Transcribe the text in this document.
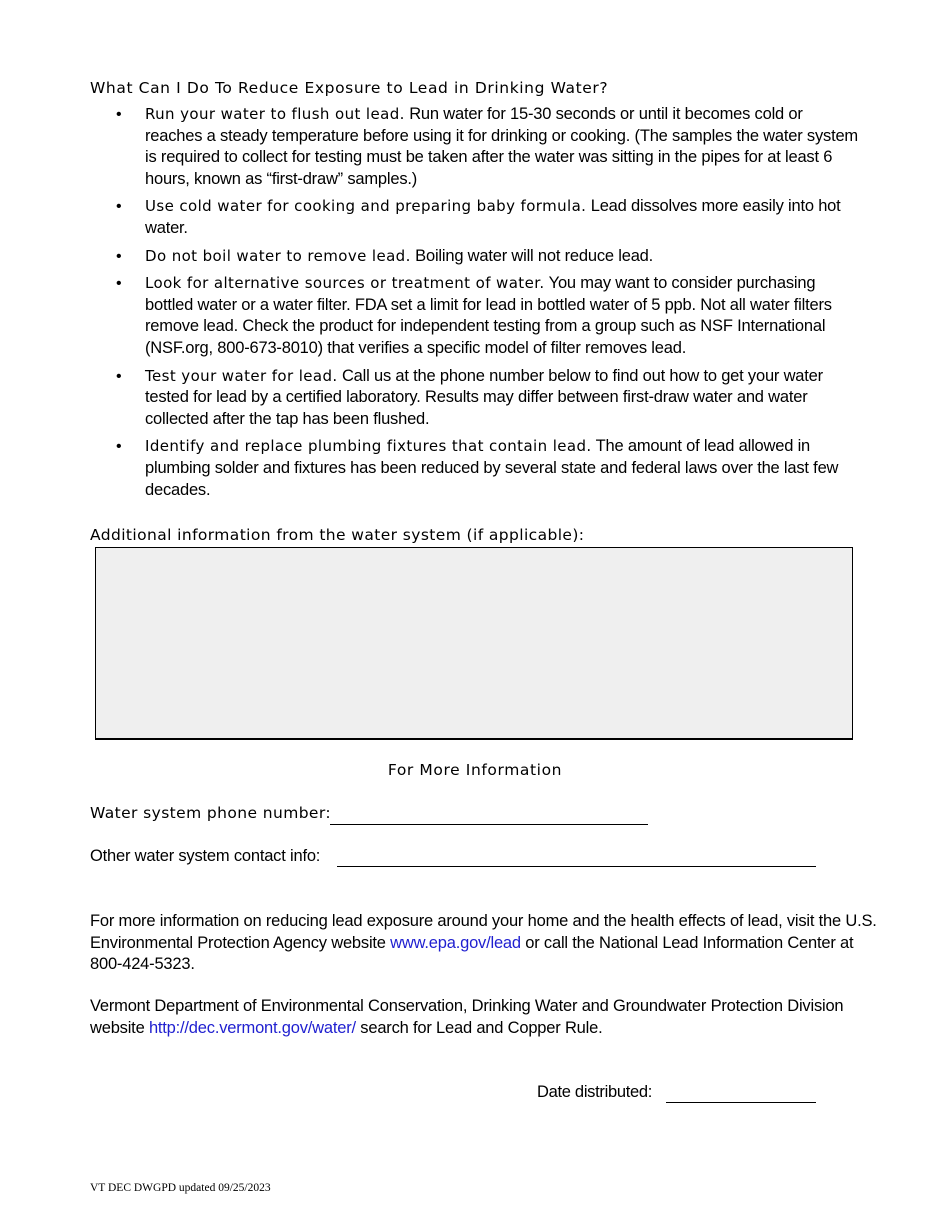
What Can I Do To Reduce Exposure to Lead in Drinking Water?
• Run your water to flush out lead. Run water for 15-30 seconds or until it becomes cold or reaches a steady temperature before using it for drinking or cooking. (The samples the water system is required to collect for testing must be taken after the water was sitting in the pipes for at least 6 hours, known as “first-draw” samples.)
• Use cold water for cooking and preparing baby formula. Lead dissolves more easily into hot water.
• Do not boil water to remove lead. Boiling water will not reduce lead.
• Look for alternative sources or treatment of water. You may want to consider purchasing bottled water or a water filter. FDA set a limit for lead in bottled water of 5 ppb. Not all water filters remove lead. Check the product for independent testing from a group such as NSF International (NSF.org, 800-673-8010) that verifies a specific model of filter removes lead.
• Test your water for lead. Call us at the phone number below to find out how to get your water tested for lead by a certified laboratory. Results may differ between first-draw water and water collected after the tap has been flushed.
• Identify and replace plumbing fixtures that contain lead. The amount of lead allowed in plumbing solder and fixtures has been reduced by several state and federal laws over the last few decades.
Additional information from the water system (if applicable):
For More Information
Water system phone number:
Other water system contact info:
For more information on reducing lead exposure around your home and the health effects of lead, visit the U.S. Environmental Protection Agency website www.epa.gov/lead or call the National Lead Information Center at 800-424-5323.
Vermont Department of Environmental Conservation, Drinking Water and Groundwater Protection Division website http://dec.vermont.gov/water/ search for Lead and Copper Rule.
Date distributed:
VT DEC DWGPD updated 09/25/2023
